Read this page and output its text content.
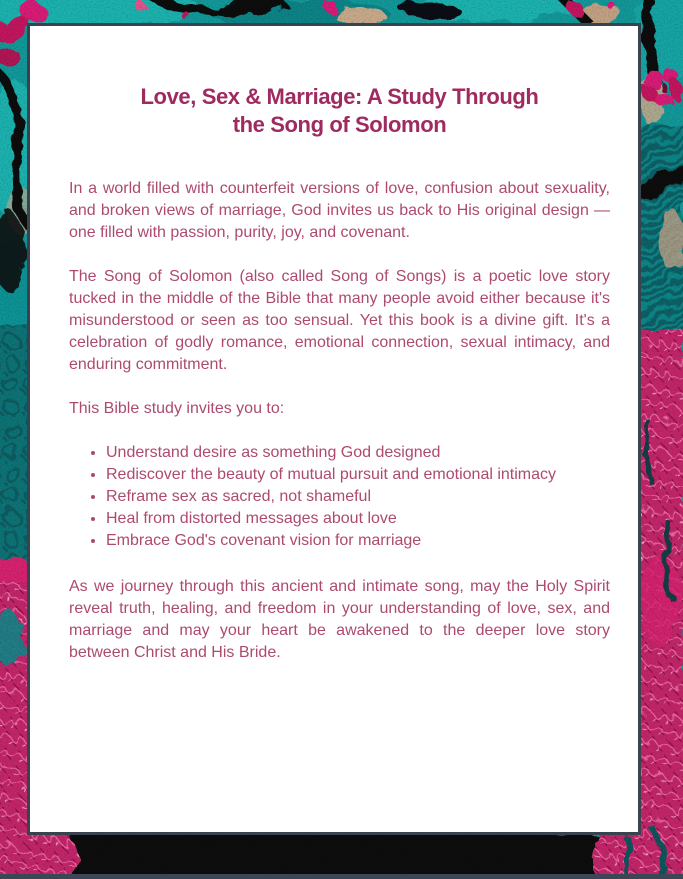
Love, Sex & Marriage: A Study Through
the Song of Solomon

In a world filled with counterfeit versions of love, confusion about sexuality, and broken views of marriage, God invites us back to His original design — one filled with passion, purity, joy, and covenant.

The Song of Solomon (also called Song of Songs) is a poetic love story tucked in the middle of the Bible that many people avoid either because it's misunderstood or seen as too sensual. Yet this book is a divine gift. It's a celebration of godly romance, emotional connection, sexual intimacy, and enduring commitment.

This Bible study invites you to:

• Understand desire as something God designed
• Rediscover the beauty of mutual pursuit and emotional intimacy
• Reframe sex as sacred, not shameful
• Heal from distorted messages about love
• Embrace God's covenant vision for marriage

As we journey through this ancient and intimate song, may the Holy Spirit reveal truth, healing, and freedom in your understanding of love, sex, and marriage and may your heart be awakened to the deeper love story between Christ and His Bride.
